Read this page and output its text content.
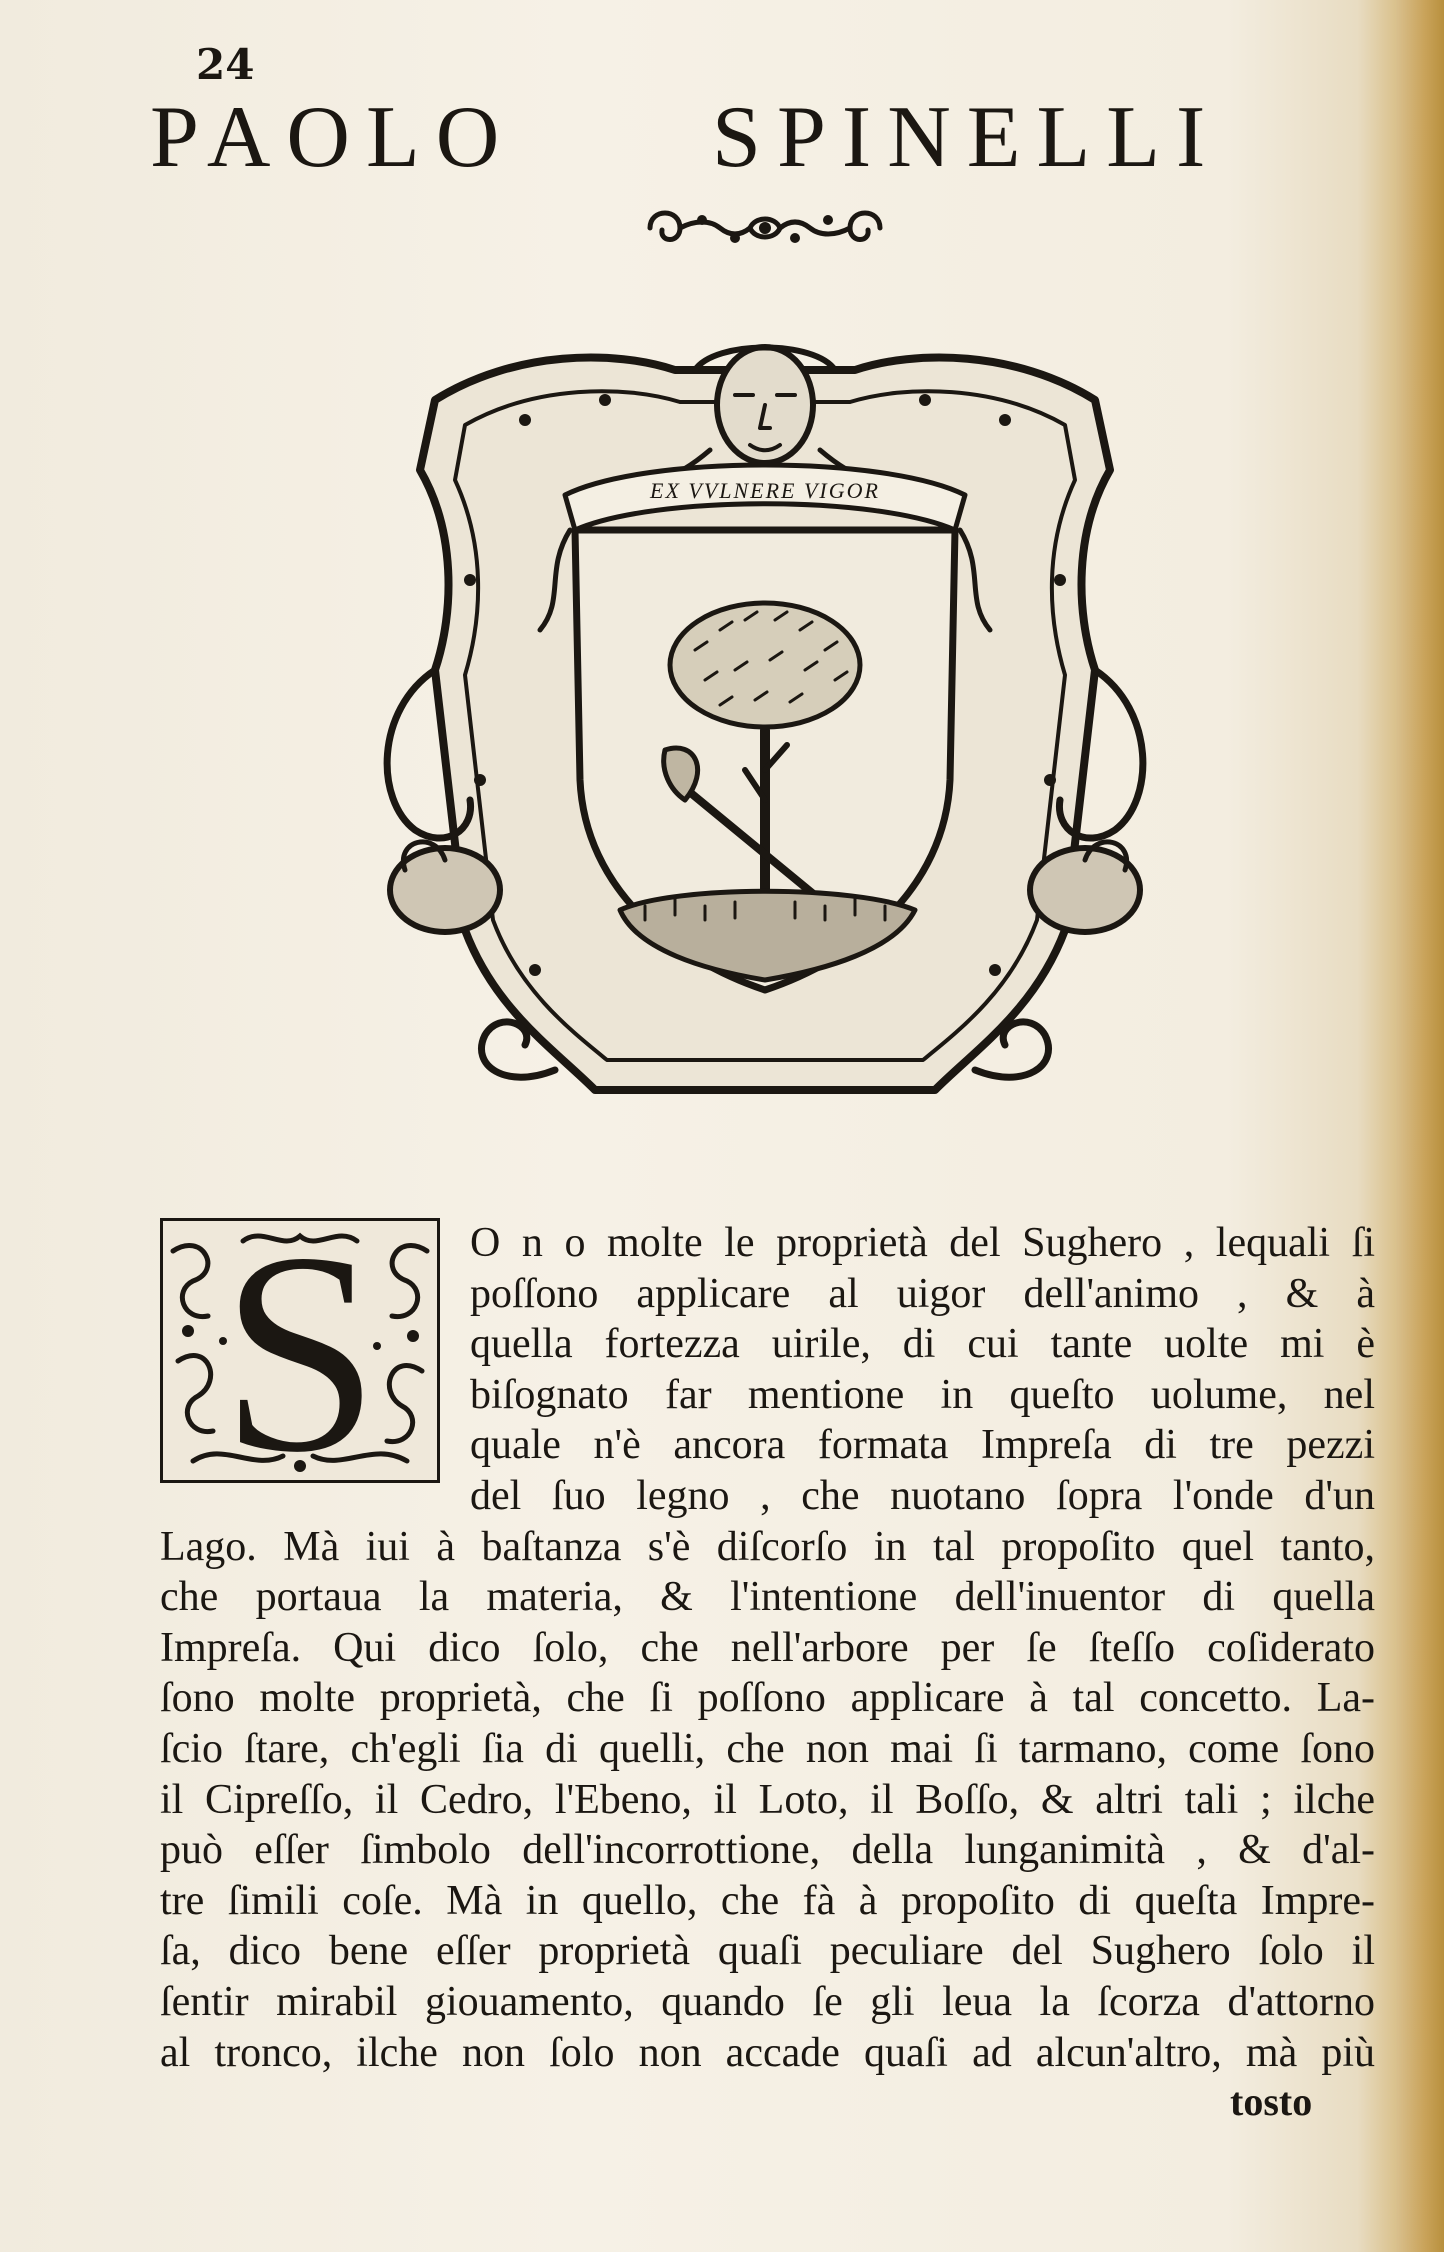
24
PAOLO SPINELLI
EX VVLNERE VIGOR
S	O n o molte le proprietà del Sughero , lequali ſi
poſſono applicare al uigor dell'animo , & à
quella fortezza uirile, di cui tante uolte mi è
biſognato far mentione in queſto uolume, nel
quale n'è ancora formata Impreſa di tre pezzi
del ſuo legno , che nuotano ſopra l'onde d'un
Lago. Mà iui à baſtanza s'è diſcorſo in tal propoſito quel tanto,
che portaua la materia, & l'intentione dell'inuentor di quella
Impreſa. Qui dico ſolo, che nell'arbore per ſe ſteſſo coſiderato
ſono molte proprietà, che ſi poſſono applicare à tal concetto. La-
ſcio ſtare, ch'egli ſia di quelli, che non mai ſi tarmano, come ſono
il Cipreſſo, il Cedro, l'Ebeno, il Loto, il Boſſo, & altri tali ; ilche
può eſſer ſimbolo dell'incorrottione, della lunganimità , & d'al-
tre ſimili coſe. Mà in quello, che fà à propoſito di queſta Impre-
ſa, dico bene eſſer proprietà quaſi peculiare del Sughero ſolo il
ſentir mirabil giouamento, quando ſe gli leua la ſcorza d'attorno
al tronco, ilche non ſolo non accade quaſi ad alcun'altro, mà più
tosto
